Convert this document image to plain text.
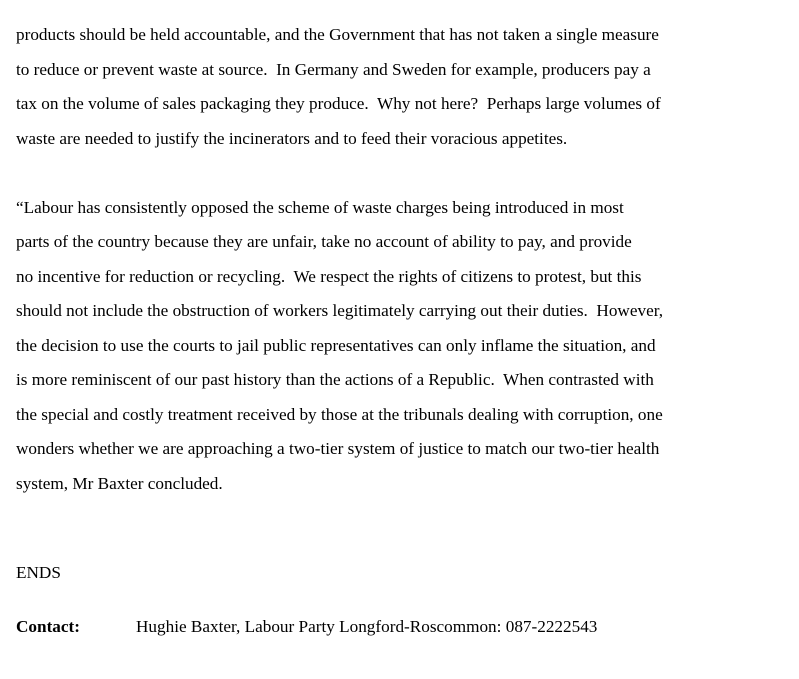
products should be held accountable, and the Government that has not taken a single measure
to reduce or prevent waste at source.  In Germany and Sweden for example, producers pay a
tax on the volume of sales packaging they produce.  Why not here?  Perhaps large volumes of
waste are needed to justify the incinerators and to feed their voracious appetites.
“Labour has consistently opposed the scheme of waste charges being introduced in most
parts of the country because they are unfair, take no account of ability to pay, and provide
no incentive for reduction or recycling.  We respect the rights of citizens to protest, but this
should not include the obstruction of workers legitimately carrying out their duties.  However,
the decision to use the courts to jail public representatives can only inflame the situation, and
is more reminiscent of our past history than the actions of a Republic.  When contrasted with
the special and costly treatment received by those at the tribunals dealing with corruption, one
wonders whether we are approaching a two-tier system of justice to match our two-tier health
system, Mr Baxter concluded.
ENDS
Contact:	Hughie Baxter, Labour Party Longford-Roscommon: 087-2222543
